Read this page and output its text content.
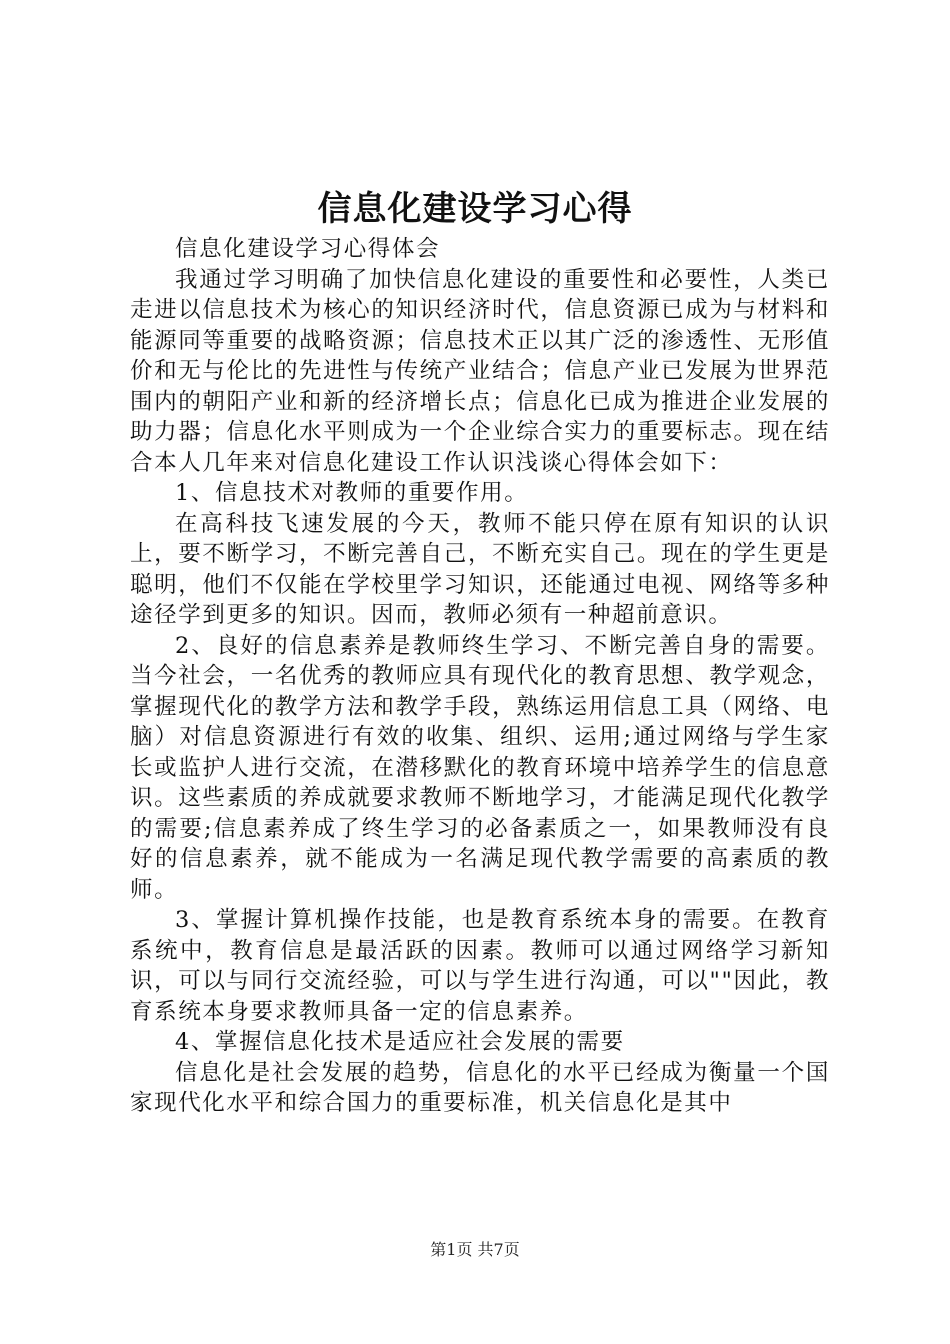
信息化建设学习心得

信息化建设学习心得体会

我通过学习明确了加快信息化建设的重要性和必要性，人类已走进以信息技术为核心的知识经济时代，信息资源已成为与材料和能源同等重要的战略资源；信息技术正以其广泛的渗透性、无形值价和无与伦比的先进性与传统产业结合；信息产业已发展为世界范围内的朝阳产业和新的经济增长点；信息化已成为推进企业发展的助力器；信息化水平则成为一个企业综合实力的重要标志。现在结合本人几年来对信息化建设工作认识浅谈心得体会如下：

1、信息技术对教师的重要作用。

在高科技飞速发展的今天，教师不能只停在原有知识的认识上，要不断学习，不断完善自己，不断充实自己。现在的学生更是聪明，他们不仅能在学校里学习知识，还能通过电视、网络等多种途径学到更多的知识。因而，教师必须有一种超前意识。

2、良好的信息素养是教师终生学习、不断完善自身的需要。当今社会，一名优秀的教师应具有现代化的教育思想、教学观念，掌握现代化的教学方法和教学手段，熟练运用信息工具（网络、电脑）对信息资源进行有效的收集、组织、运用;通过网络与学生家长或监护人进行交流，在潜移默化的教育环境中培养学生的信息意识。这些素质的养成就要求教师不断地学习，才能满足现代化教学的需要;信息素养成了终生学习的必备素质之一，如果教师没有良好的信息素养，就不能成为一名满足现代教学需要的高素质的教师。

3、掌握计算机操作技能，也是教育系统本身的需要。在教育系统中，教育信息是最活跃的因素。教师可以通过网络学习新知识，可以与同行交流经验，可以与学生进行沟通，可以""因此，教育系统本身要求教师具备一定的信息素养。

4、掌握信息化技术是适应社会发展的需要

信息化是社会发展的趋势，信息化的水平已经成为衡量一个国家现代化水平和综合国力的重要标准，机关信息化是其中

第1页 共7页
